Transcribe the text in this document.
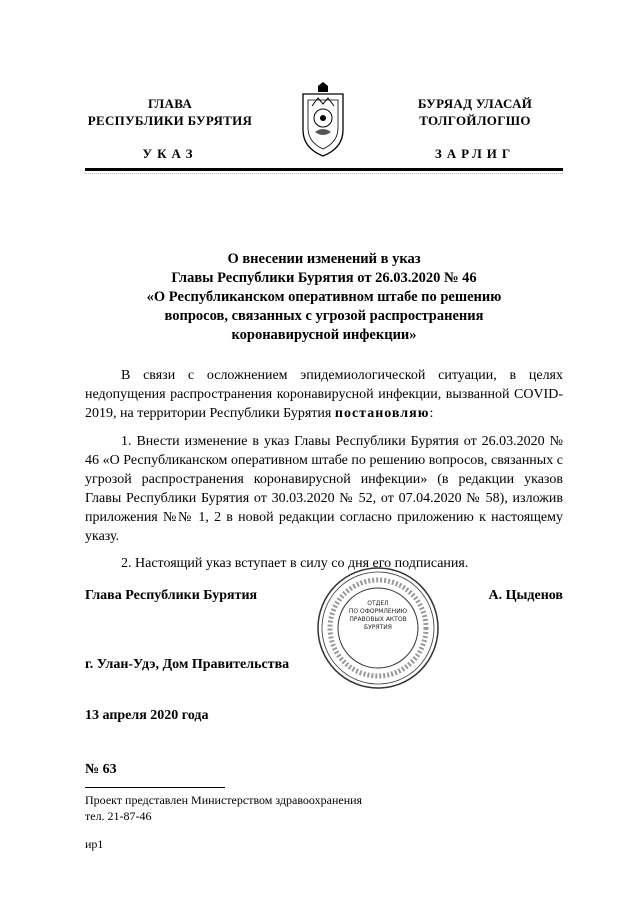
ГЛАВА
РЕСПУБЛИКИ БУРЯТИЯ
УКАЗ
БУРЯАД УЛАСАЙ
ТОЛГОЙЛОГШО
ЗАРЛИГ
О внесении изменений в указ
Главы Республики Бурятия от 26.03.2020 № 46
«О Республиканском оперативном штабе по решению
вопросов, связанных с угрозой распространения
коронавирусной инфекции»
В связи с осложнением эпидемиологической ситуации, в целях недопущения распространения коронавирусной инфекции, вызванной COVID-2019, на территории Республики Бурятия постановляю:
1. Внести изменение в указ Главы Республики Бурятия от 26.03.2020 № 46 «О Республиканском оперативном штабе по решению вопросов, связанных с угрозой распространения коронавирусной инфекции» (в редакции указов Главы Республики Бурятия от 30.03.2020 № 52, от 07.04.2020 № 58), изложив приложения №№ 1, 2 в новой редакции согласно приложению к настоящему указу.
2. Настоящий указ вступает в силу со дня его подписания.
Глава Республики Бурятия	А. Цыденов
ОТДЕЛ
ПО ОФОРМЛЕНИЮ
ПРАВОВЫХ АКТОВ
БУРЯТИЯ
г. Улан-Удэ, Дом Правительства
13 апреля 2020 года
№ 63
Проект представлен Министерством здравоохранения
тел. 21-87-46
ир1
